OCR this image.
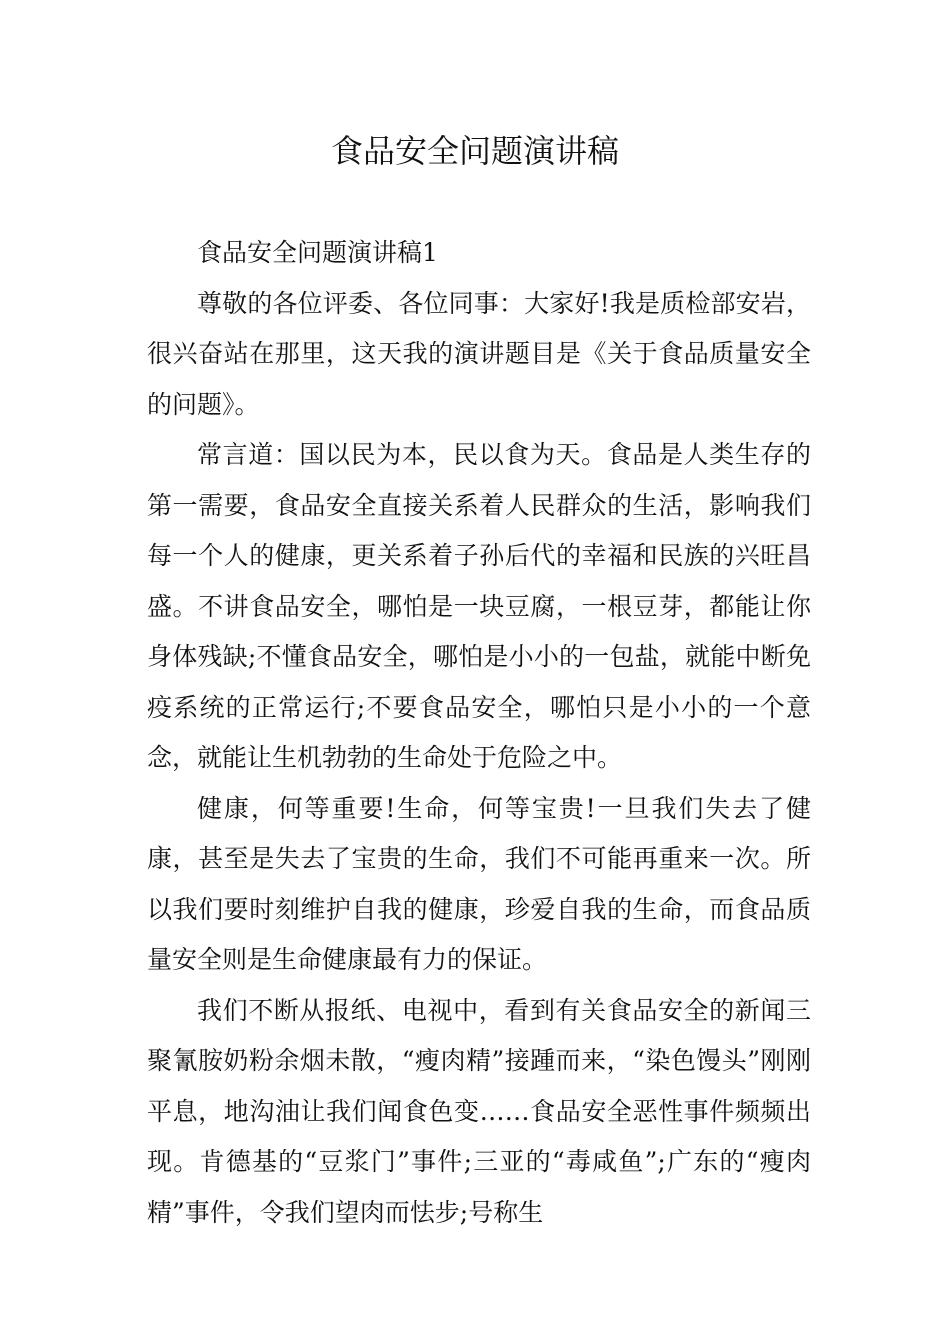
食品安全问题演讲稿

食品安全问题演讲稿1

尊敬的各位评委、各位同事：大家好!我是质检部安岩，很兴奋站在那里，这天我的演讲题目是《关于食品质量安全的问题》。

常言道：国以民为本，民以食为天。食品是人类生存的第一需要，食品安全直接关系着人民群众的生活，影响我们每一个人的健康，更关系着子孙后代的幸福和民族的兴旺昌盛。不讲食品安全，哪怕是一块豆腐，一根豆芽，都能让你身体残缺;不懂食品安全，哪怕是小小的一包盐，就能中断免疫系统的正常运行;不要食品安全，哪怕只是小小的一个意念，就能让生机勃勃的生命处于危险之中。

健康，何等重要!生命，何等宝贵!一旦我们失去了健康，甚至是失去了宝贵的生命，我们不可能再重来一次。所以我们要时刻维护自我的健康，珍爱自我的生命，而食品质量安全则是生命健康最有力的保证。

我们不断从报纸、电视中，看到有关食品安全的新闻三聚氰胺奶粉余烟未散，“瘦肉精”接踵而来，“染色馒头”刚刚平息，地沟油让我们闻食色变……食品安全恶性事件频频出现。肯德基的“豆浆门”事件;三亚的“毒咸鱼”;广东的“瘦肉精”事件，令我们望肉而怯步;号称生
